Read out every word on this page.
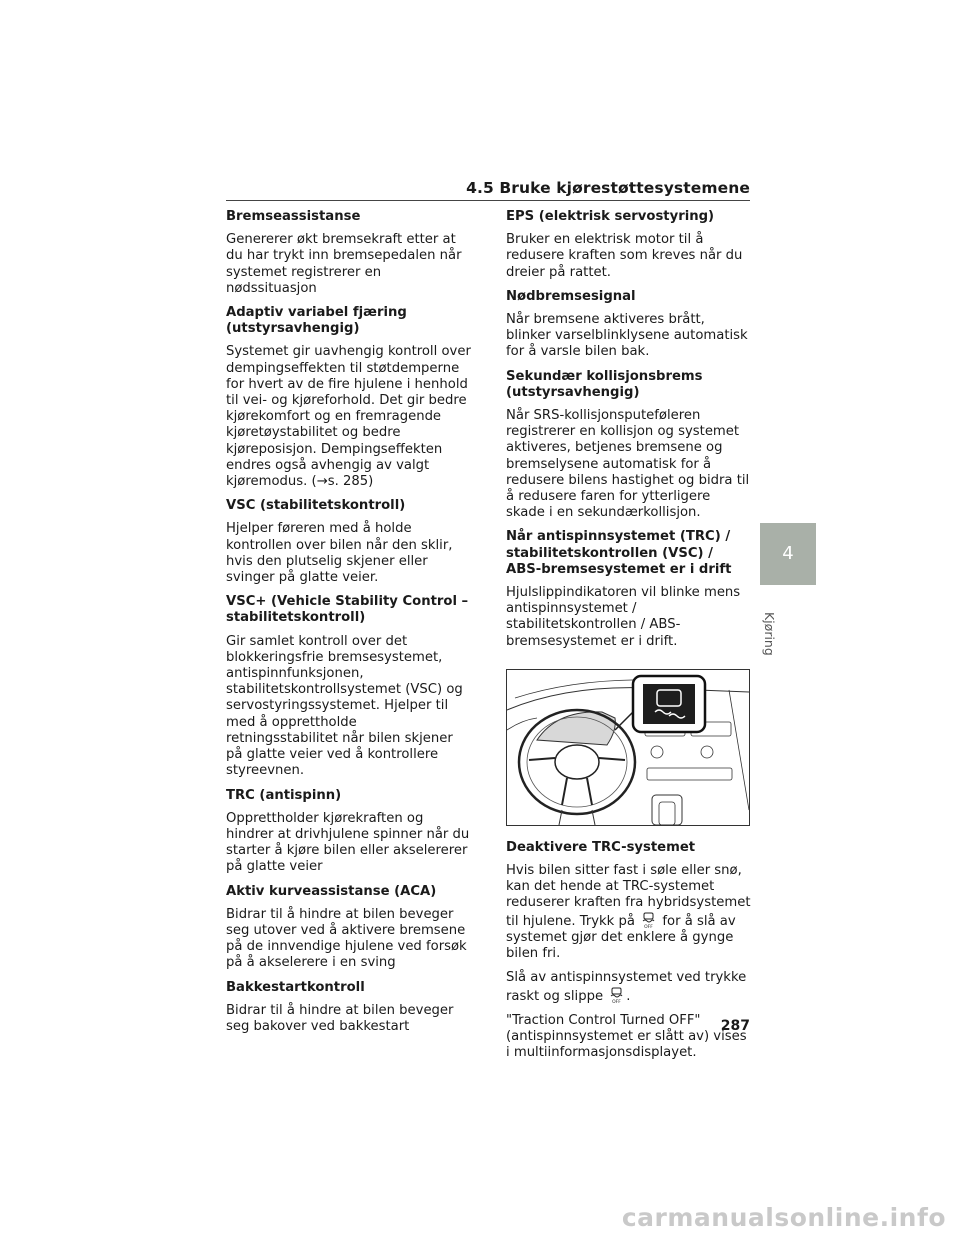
4.5 Bruke kjørestøttesystemene
Bremseassistanse

Genererer økt bremsekraft etter at du har trykt inn bremsepedalen når systemet registrerer en nødssituasjon

Adaptiv variabel fjæring (utstyrsavhengig)

Systemet gir uavhengig kontroll over dempingseffekten til støtdemperne for hvert av de fire hjulene i henhold til vei- og kjøreforhold. Det gir bedre kjørekomfort og en fremragende kjøretøystabilitet og bedre kjøreposisjon. Dempingseffekten endres også avhengig av valgt kjøremodus. (→s. 285)

VSC (stabilitetskontroll)

Hjelper føreren med å holde kontrollen over bilen når den sklir, hvis den plutselig skjener eller svinger på glatte veier.

VSC+ (Vehicle Stability Control – stabilitetskontroll)

Gir samlet kontroll over det blokkeringsfrie bremsesystemet, antispinnfunksjonen, stabilitetskontrollsystemet (VSC) og servostyringssystemet. Hjelper til med å opprettholde retningsstabilitet når bilen skjener på glatte veier ved å kontrollere styreevnen.

TRC (antispinn)

Opprettholder kjørekraften og hindrer at drivhjulene spinner når du starter å kjøre bilen eller akselererer på glatte veier

Aktiv kurveassistanse (ACA)

Bidrar til å hindre at bilen beveger seg utover ved å aktivere bremsene på de innvendige hjulene ved forsøk på å akselerere i en sving

Bakkestartkontroll

Bidrar til å hindre at bilen beveger seg bakover ved bakkestart

EPS (elektrisk servostyring)

Bruker en elektrisk motor til å redusere kraften som kreves når du dreier på rattet.

Nødbremsesignal

Når bremsene aktiveres brått, blinker varselblinklysene automatisk for å varsle bilen bak.

Sekundær kollisjonsbrems (utstyrsavhengig)

Når SRS-kollisjonsputeføleren registrerer en kollisjon og systemet aktiveres, betjenes bremsene og bremselysene automatisk for å redusere bilens hastighet og bidra til å redusere faren for ytterligere skade i en sekundærkollisjon.

Når antispinnsystemet (TRC) / stabilitetskontrollen (VSC) / ABS-bremsesystemet er i drift

Hjulslippindikatoren vil blinke mens antispinnsystemet / stabilitetskontrollen / ABS-bremsesystemet er i drift.

Deaktivere TRC-systemet

Hvis bilen sitter fast i søle eller snø, kan det hende at TRC-systemet reduserer kraften fra hybridsystemet til hjulene. Trykk på OFF for å slå av systemet gjør det enklere å gynge bilen fri.

Slå av antispinnsystemet ved trykke raskt og slippe OFF .

"Traction Control Turned OFF" (antispinnsystemet er slått av) vises i multiinformasjonsdisplayet.

4
Kjøring
287
carmanualsonline.info
